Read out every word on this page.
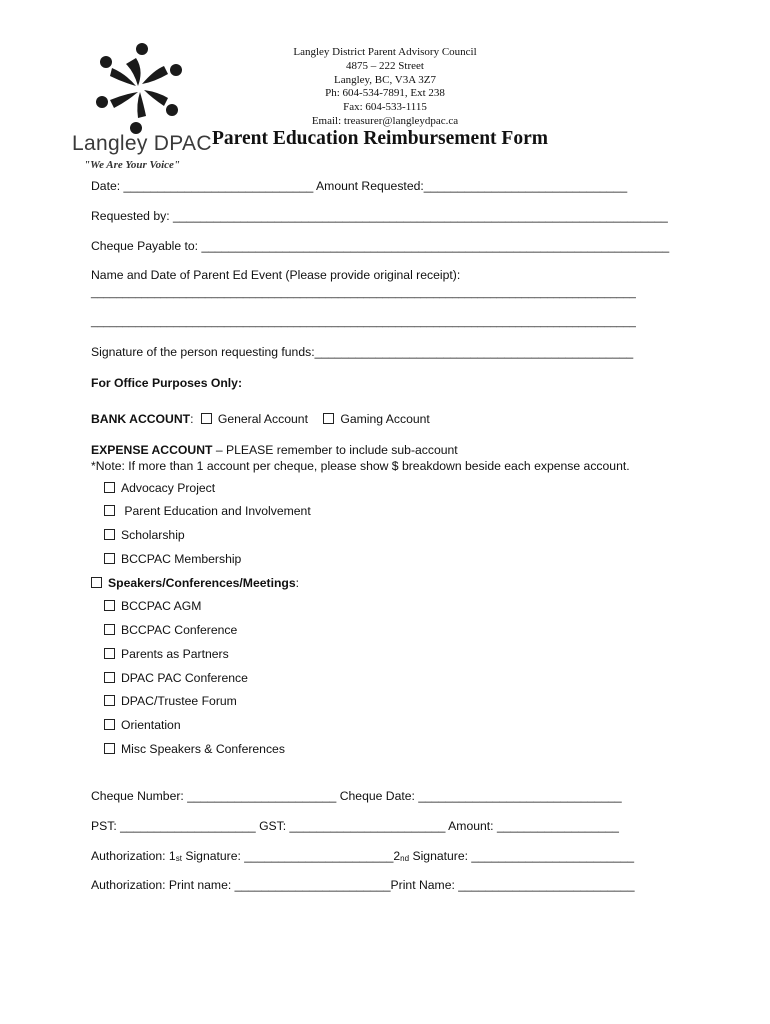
Langley DPAC
"We Are Your Voice"
Langley District Parent Advisory Council
4875 – 222 Street
Langley, BC, V3A 3Z7
Ph: 604-534-7891, Ext 238
Fax: 604-533-1115
Email: treasurer@langleydpac.ca
Parent Education Reimbursement Form
Date: ____________________________ Amount Requested:______________________________
Requested by: _________________________________________________________________________
Cheque Payable to: _____________________________________________________________________
Name and Date of Parent Ed Event (Please provide original receipt):
______________________________________________________________________________________
______________________________________________________________________________________
Signature of the person requesting funds:_______________________________________________
For Office Purposes Only:
BANK ACCOUNT: General Account	Gaming Account
EXPENSE ACCOUNT – PLEASE remember to include sub-account
*Note: If more than 1 account per cheque, please show $ breakdown beside each expense account.
Advocacy Project
Parent Education and Involvement
Scholarship
BCCPAC Membership
Speakers/Conferences/Meetings:
BCCPAC AGM
BCCPAC Conference
Parents as Partners
DPAC PAC Conference
DPAC/Trustee Forum
Orientation
Misc Speakers & Conferences
Cheque Number: ______________________ Cheque Date: ______________________________
PST: ____________________ GST: _______________________ Amount: __________________
Authorization: 1st Signature: ______________________2nd Signature: ________________________
Authorization: Print name: _______________________Print Name: __________________________
